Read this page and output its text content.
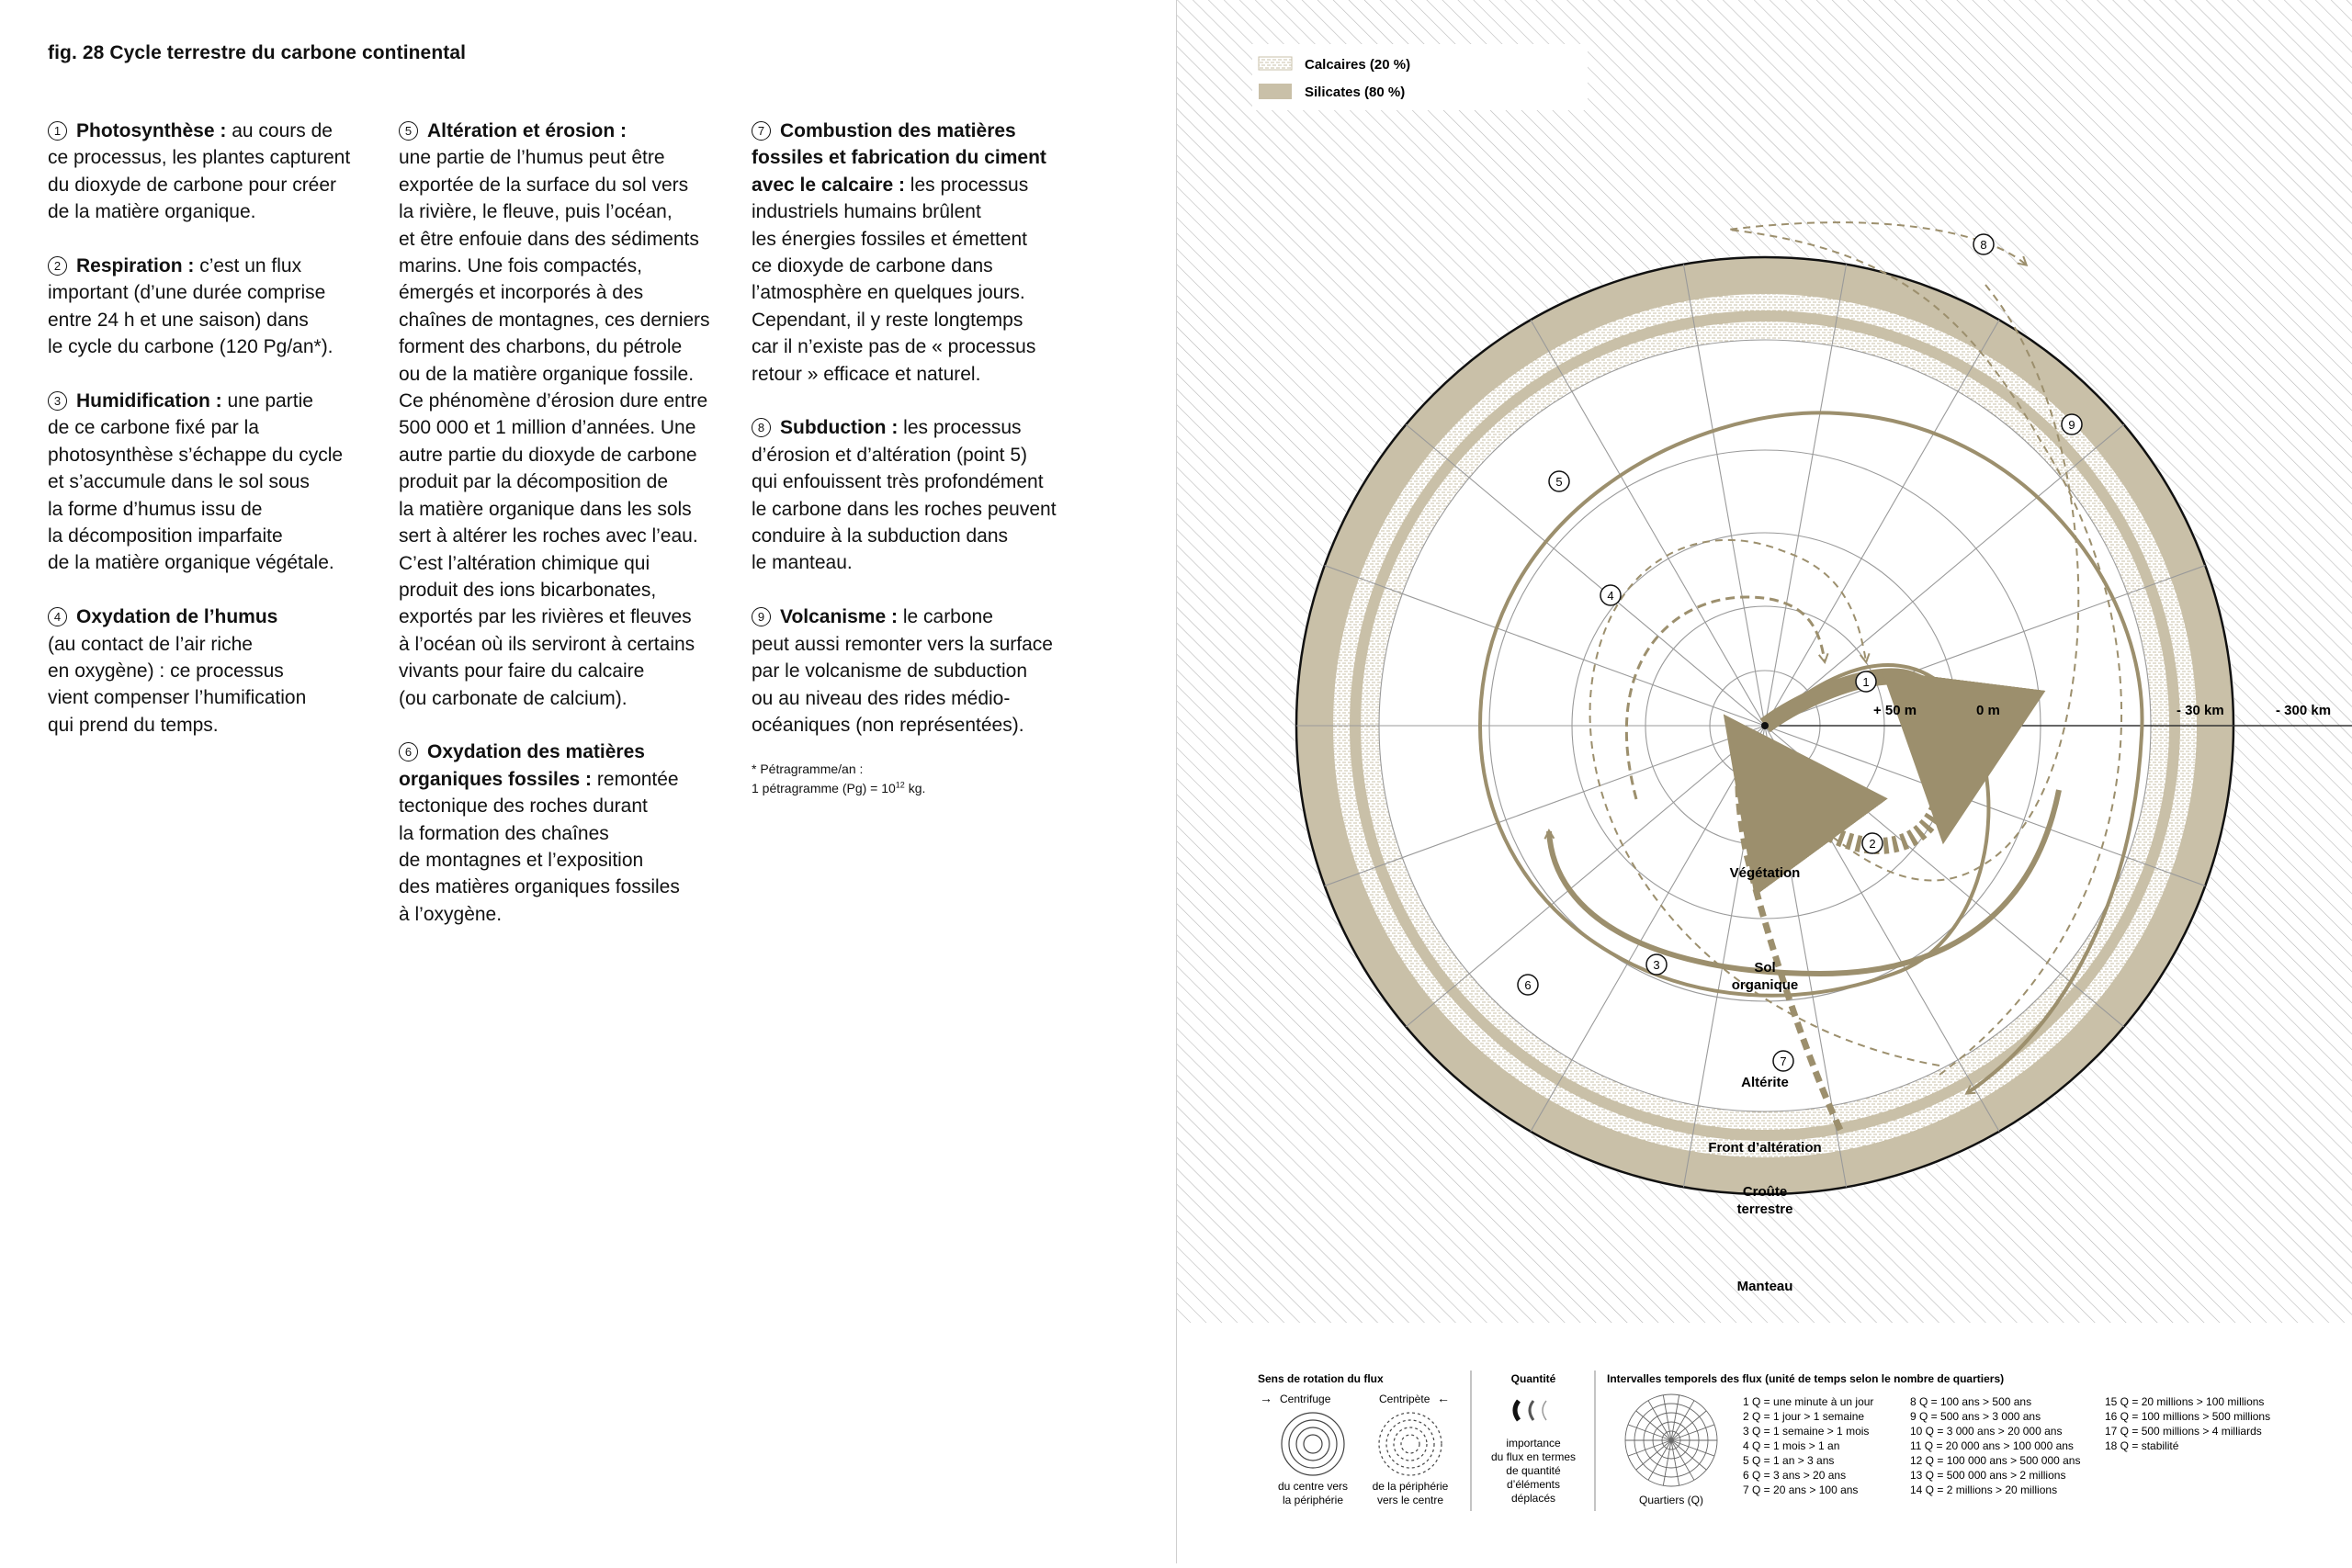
fig. 28 Cycle terrestre du carbone continental

1 Photosynthèse : au cours de
ce processus, les plantes capturent
du dioxyde de carbone pour créer
de la matière organique.

2 Respiration : c’est un flux
important (d’une durée comprise
entre 24 h et une saison) dans
le cycle du carbone (120 Pg/an*).

3 Humidification : une partie
de ce carbone fixé par la
photosynthèse s’échappe du cycle
et s’accumule dans le sol sous
la forme d’humus issu de
la décomposition imparfaite
de la matière organique végétale.

4 Oxydation de l’humus
(au contact de l’air riche
en oxygène) : ce processus
vient compenser l’humification
qui prend du temps.

5 Altération et érosion :
une partie de l’humus peut être
exportée de la surface du sol vers
la rivière, le fleuve, puis l’océan,
et être enfouie dans des sédiments
marins. Une fois compactés,
émergés et incorporés à des
chaînes de montagnes, ces derniers
forment des charbons, du pétrole
ou de la matière organique fossile.
Ce phénomène d’érosion dure entre
500 000 et 1 million d’années. Une
autre partie du dioxyde de carbone
produit par la décomposition de
la matière organique dans les sols
sert à altérer les roches avec l’eau.
C’est l’altération chimique qui
produit des ions bicarbonates,
exportés par les rivières et fleuves
à l’océan où ils serviront à certains
vivants pour faire du calcaire
(ou carbonate de calcium).

6 Oxydation des matières
organiques fossiles : remontée
tectonique des roches durant
la formation des chaînes
de montagnes et l’exposition
des matières organiques fossiles
à l’oxygène.

7 Combustion des matières
fossiles et fabrication du ciment
avec le calcaire : les processus
industriels humains brûlent
les énergies fossiles et émettent
ce dioxyde de carbone dans
l’atmosphère en quelques jours.
Cependant, il y reste longtemps
car il n’existe pas de « processus
retour » efficace et naturel.

8 Subduction : les processus
d’érosion et d’altération (point 5)
qui enfouissent très profondément
le carbone dans les roches peuvent
conduire à la subduction dans
le manteau.

9 Volcanisme : le carbone
peut aussi remonter vers la surface
par le volcanisme de subduction
ou au niveau des rides médio-
océaniques (non représentées).

* Pétragramme/an :
1 pétragramme $(Pg) = 10^{12}$ kg.
Calcaires (20 %)
Silicates (80 %)
1
2
3
4
5
6
7
8
9
+ 50 m	0 m	- 30 km	- 300 km
Végétation
Sol
organique
Altérite
Front d’altération
Croûte
terrestre
Manteau
Sens de rotation du flux
→ Centrifuge	Centripète ←
du centre vers
la périphérie
de la périphérie
vers le centre
Quantité
importance
du flux en termes
de quantité
d’éléments
déplacés
Intervalles temporels des flux (unité de temps selon le nombre de quartiers)
Quartiers (Q)
1 Q = une minute à un jour
2 Q = 1 jour > 1 semaine
3 Q = 1 semaine > 1 mois
4 Q = 1 mois > 1 an
5 Q = 1 an > 3 ans
6 Q = 3 ans > 20 ans
7 Q = 20 ans > 100 ans
8 Q = 100 ans > 500 ans
9 Q = 500 ans > 3 000 ans
10 Q = 3 000 ans > 20 000 ans
11 Q = 20 000 ans > 100 000 ans
12 Q = 100 000 ans > 500 000 ans
13 Q = 500 000 ans > 2 millions
14 Q = 2 millions > 20 millions
15 Q = 20 millions > 100 millions
16 Q = 100 millions > 500 millions
17 Q = 500 millions > 4 milliards
18 Q = stabilité
